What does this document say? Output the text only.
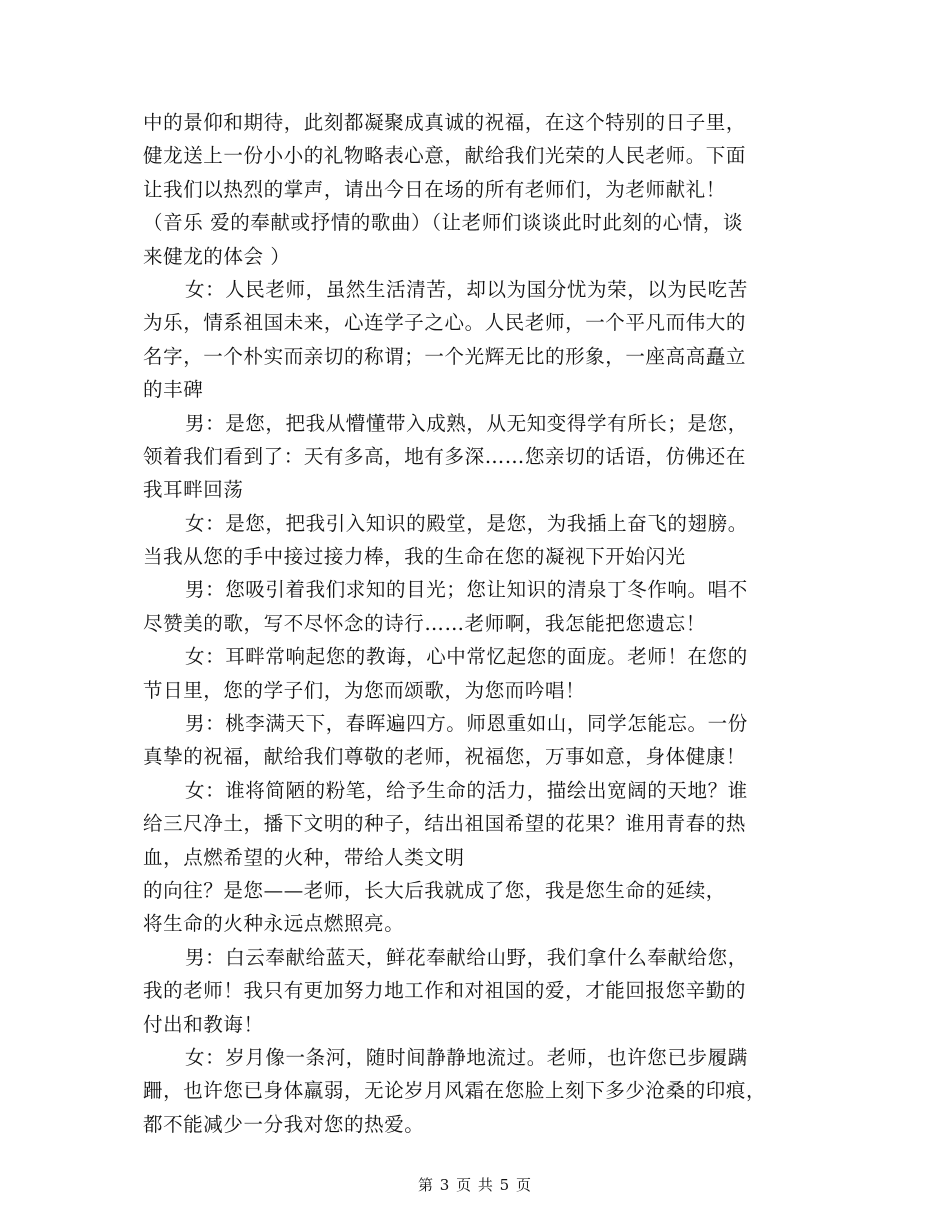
中的景仰和期待，此刻都凝聚成真诚的祝福，在这个特别的日子里，
健龙送上一份小小的礼物略表心意，献给我们光荣的人民老师。下面
让我们以热烈的掌声，请出今日在场的所有老师们，为老师献礼！
（音乐 爱的奉献或抒情的歌曲）（让老师们谈谈此时此刻的心情，谈
来健龙的体会 ）
女：人民老师，虽然生活清苦，却以为国分忧为荣，以为民吃苦
为乐，情系祖国未来，心连学子之心。人民老师，一个平凡而伟大的
名字，一个朴实而亲切的称谓；一个光辉无比的形象，一座高高矗立
的丰碑
男：是您，把我从懵懂带入成熟，从无知变得学有所长；是您，
领着我们看到了：天有多高，地有多深……您亲切的话语，仿佛还在
我耳畔回荡
女：是您，把我引入知识的殿堂，是您，为我插上奋飞的翅膀。
当我从您的手中接过接力棒，我的生命在您的凝视下开始闪光
男：您吸引着我们求知的目光；您让知识的清泉丁冬作响。唱不
尽赞美的歌，写不尽怀念的诗行……老师啊，我怎能把您遗忘！
女：耳畔常响起您的教诲，心中常忆起您的面庞。老师！在您的
节日里，您的学子们，为您而颂歌，为您而吟唱！
男：桃李满天下，春晖遍四方。师恩重如山，同学怎能忘。一份
真挚的祝福，献给我们尊敬的老师，祝福您，万事如意，身体健康！
女：谁将简陋的粉笔，给予生命的活力，描绘出宽阔的天地？谁
给三尺净土，播下文明的种子，结出祖国希望的花果？谁用青春的热
血，点燃希望的火种，带给人类文明
的向往？是您——老师，长大后我就成了您，我是您生命的延续，
将生命的火种永远点燃照亮。
男：白云奉献给蓝天，鲜花奉献给山野，我们拿什么奉献给您，
我的老师！我只有更加努力地工作和对祖国的爱，才能回报您辛勤的
付出和教诲！
女：岁月像一条河，随时间静静地流过。老师，也许您已步履蹒
跚，也许您已身体羸弱，无论岁月风霜在您脸上刻下多少沧桑的印痕，
都不能减少一分我对您的热爱。
第 3 页 共 5 页
